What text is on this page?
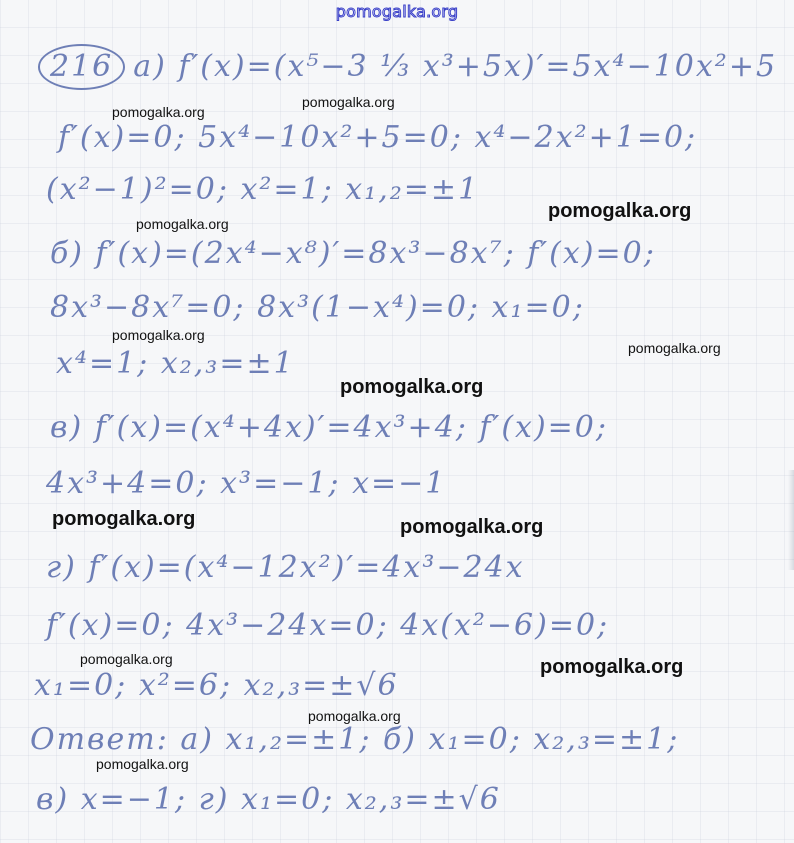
pomogalka.org
216 а) f′(x)=(x⁵−3 ⅓ x³+5x)′=5x⁴−10x²+5
f′(x)=0; 5x⁴−10x²+5=0; x⁴−2x²+1=0;
(x²−1)²=0; x²=1; x₁,₂=±1
б) f′(x)=(2x⁴−x⁸)′=8x³−8x⁷; f′(x)=0;
8x³−8x⁷=0; 8x³(1−x⁴)=0; x₁=0;
x⁴=1; x₂,₃=±1
в) f′(x)=(x⁴+4x)′=4x³+4; f′(x)=0;
4x³+4=0; x³=−1; x=−1
г) f′(x)=(x⁴−12x²)′=4x³−24x
f′(x)=0; 4x³−24x=0; 4x(x²−6)=0;
x₁=0; x²=6; x₂,₃=±√6
Ответ: а) x₁,₂=±1; б) x₁=0; x₂,₃=±1;
в) x=−1; г) x₁=0; x₂,₃=±√6
pomogalka.org
pomogalka.org
pomogalka.org
pomogalka.org
pomogalka.org
pomogalka.org
pomogalka.org
pomogalka.org	pomogalka.org
pomogalka.org	pomogalka.org
pomogalka.org
pomogalka.org
